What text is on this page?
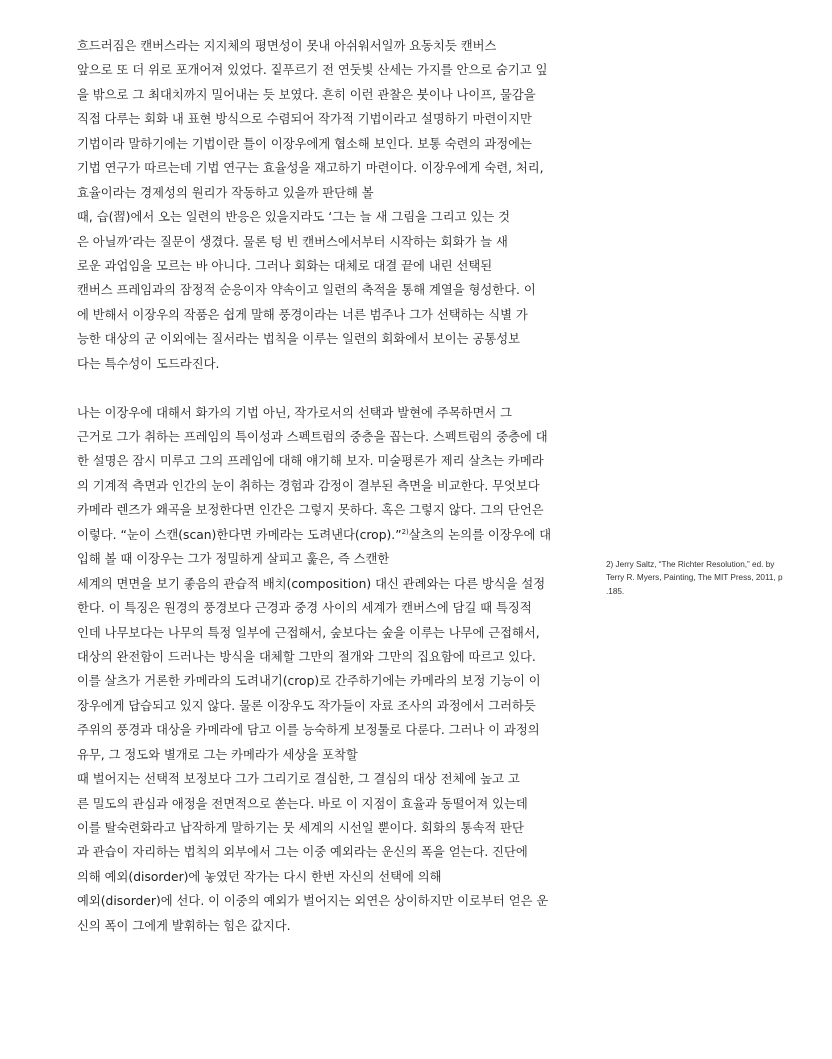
흐드러짐은 캔버스라는 지지체의 평면성이 못내 아쉬워서일까 요동치듯 캔버스
앞으로 또 더 위로 포개어져 있었다. 짙푸르기 전 연둣빛 산세는 가지를 안으로 숨기고 잎
을 밖으로 그 최대치까지 밀어내는 듯 보였다. 흔히 이런 관찰은 붓이나 나이프, 물감을
직접 다루는 회화 내 표현 방식으로 수렴되어 작가적 기법이라고 설명하기 마련이지만
기법이라 말하기에는 기법이란 틀이 이장우에게 협소해 보인다. 보통 숙련의 과정에는
기법 연구가 따르는데 기법 연구는 효율성을 재고하기 마련이다. 이장우에게 숙련, 처리,
효율이라는 경제성의 원리가 작동하고 있을까 판단해 볼
때, 습(習)에서 오는 일련의 반응은 있을지라도 ‘그는 늘 새 그림을 그리고 있는 것
은 아닐까’라는 질문이 생겼다. 물론 텅 빈 캔버스에서부터 시작하는 회화가 늘 새
로운 과업임을 모르는 바 아니다. 그러나 회화는 대체로 대결 끝에 내린 선택된
캔버스 프레임과의 잠정적 순응이자 약속이고 일련의 축적을 통해 계열을 형성한다. 이
에 반해서 이장우의 작품은 쉽게 말해 풍경이라는 너른 범주나 그가 선택하는 식별 가
능한 대상의 군 이외에는 질서라는 법칙을 이루는 일련의 회화에서 보이는 공통성보
다는 특수성이 도드라진다.
나는 이장우에 대해서 화가의 기법 아닌, 작가로서의 선택과 발현에 주목하면서 그
근거로 그가 취하는 프레임의 특이성과 스펙트럼의 중층을 꼽는다. 스펙트럼의 중층에 대
한 설명은 잠시 미루고 그의 프레임에 대해 얘기해 보자. 미술평론가 제리 살츠는 카메라
의 기계적 측면과 인간의 눈이 취하는 경험과 감정이 결부된 측면을 비교한다. 무엇보다
카메라 렌즈가 왜곡을 보정한다면 인간은 그렇지 못하다. 혹은 그렇지 않다. 그의 단언은
이렇다. “눈이 스캔(scan)한다면 카메라는 도려낸다(crop).”$^{2)}$살츠의 논의를 이장우에 대
입해 볼 때 이장우는 그가 정밀하게 살피고 훑은, 즉 스캔한
세계의 면면을 보기 좋음의 관습적 배치(composition) 대신 관례와는 다른 방식을 설정
한다. 이 특징은 원경의 풍경보다 근경과 중경 사이의 세계가 캔버스에 담길 때 특징적
인데 나무보다는 나무의 특정 일부에 근접해서, 숲보다는 숲을 이루는 나무에 근접해서,
대상의 완전함이 드러나는 방식을 대체할 그만의 절개와 그만의 집요함에 따르고 있다.
이를 살츠가 거론한 카메라의 도려내기(crop)로 간주하기에는 카메라의 보정 기능이 이
장우에게 답습되고 있지 않다. 물론 이장우도 작가들이 자료 조사의 과정에서 그러하듯
주위의 풍경과 대상을 카메라에 담고 이를 능숙하게 보정툴로 다룬다. 그러나 이 과정의
유무, 그 정도와 별개로 그는 카메라가 세상을 포착할
때 벌어지는 선택적 보정보다 그가 그리기로 결심한, 그 결심의 대상 전체에 높고 고
른 밀도의 관심과 애정을 전면적으로 쏟는다. 바로 이 지점이 효율과 동떨어져 있는데
이를 탈숙련화라고 납작하게 말하기는 뭇 세계의 시선일 뿐이다. 회화의 통속적 판단
과 관습이 자리하는 법칙의 외부에서 그는 이중 예외라는 운신의 폭을 얻는다. 진단에
의해 예외(disorder)에 놓였던 작가는 다시 한번 자신의 선택에 의해
예외(disorder)에 선다. 이 이중의 예외가 벌어지는 외연은 상이하지만 이로부터 얻은 운
신의 폭이 그에게 발휘하는 힘은 값지다.
2) Jerry Saltz, “The Richter Resolution,” ed. by
Terry R. Myers, Painting, The MIT Press, 2011, p
.185.
